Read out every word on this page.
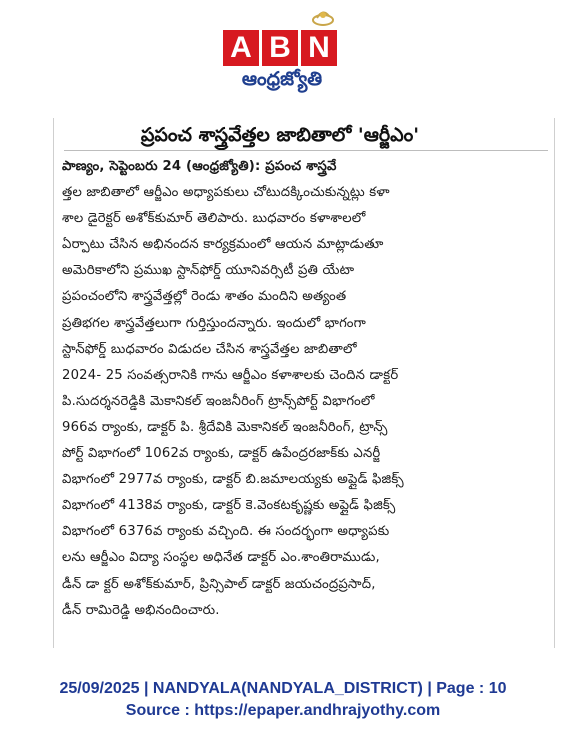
A B N
ఆంధ్రజ్యోతి
ప్రపంచ శాస్త్రవేత్తల జాబితాలో 'ఆర్జీఎం'
పాణ్యం, సెప్టెంబరు 24 (ఆంధ్రజ్యోతి): ప్రపంచ శాస్త్రవే
త్తల జాబితాలో ఆర్జీఎం అధ్యాపకులు చోటుదక్కించుకున్నట్లు కళా
శాల డైరెక్టర్ అశోక్‌కుమార్ తెలిపారు. బుధవారం కళాశాలలో
ఏర్పాటు చేసిన అభినందన కార్యక్రమంలో ఆయన మాట్లాడుతూ
అమెరికాలోని ప్రముఖ స్టాన్‌ఫోర్డ్ యూనివర్సిటీ ప్రతి యేటా
ప్రపంచంలోని శాస్త్రవేత్తల్లో రెండు శాతం మందిని అత్యంత
ప్రతిభగల శాస్త్రవేత్తలుగా గుర్తిస్తుందన్నారు. ఇందులో భాగంగా
స్టాన్‌ఫోర్డ్ బుధవారం విడుదల చేసిన శాస్త్రవేత్తల జాబితాలో
2024- 25 సంవత్సరానికి గాను ఆర్జీఎం కళాశాలకు చెందిన డాక్టర్
పి.సుదర్శనరెడ్డికి మెకానికల్ ఇంజనీరింగ్ ట్రాన్స్‌పోర్ట్ విభాగంలో
966వ ర్యాంకు, డాక్టర్ పి. శ్రీదేవికి మెకానికల్ ఇంజనీరింగ్, ట్రాన్స్
పోర్ట్ విభాగంలో 1062వ ర్యాంకు, డాక్టర్ ఉపేంద్రరజాక్‌కు ఎనర్జీ
విభాగంలో 2977వ ర్యాంకు, డాక్టర్ బి.జమాలయ్యకు అప్లైడ్ ఫిజిక్స్
విభాగంలో 4138వ ర్యాంకు, డాక్టర్ కె.వెంకటకృష్ణకు అప్లైడ్ ఫిజిక్స్
విభాగంలో 6376వ ర్యాంకు వచ్చింది. ఈ సందర్భంగా అధ్యాపకు
లను ఆర్జీఎం విద్యా సంస్థల అధినేత డాక్టర్ ఎం.శాంతిరాముడు,
డీన్ డా క్టర్ అశోక్‌కుమార్, ప్రిన్సిపాల్ డాక్టర్ జయచంద్రప్రసాద్,
డీన్ రామిరెడ్డి అభినందించారు.
25/09/2025 | NANDYALA(NANDYALA_DISTRICT) | Page : 10
Source : https://epaper.andhrajyothy.com
